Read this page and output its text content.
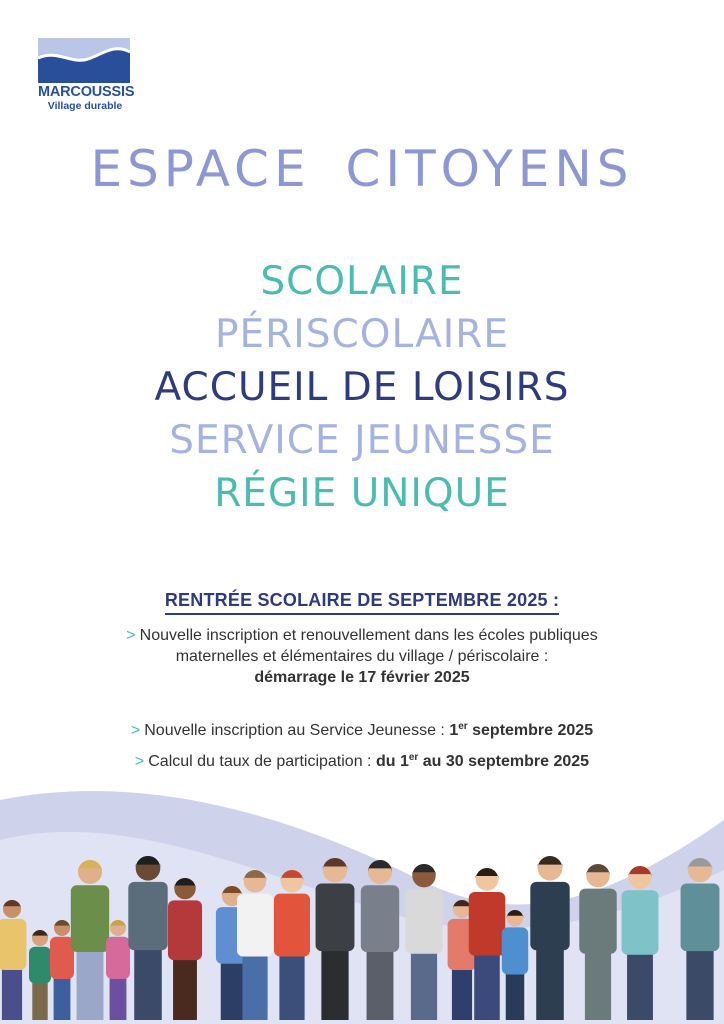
MARCOUSSIS
Village durable
ESPACE CITOYENS
SCOLAIRE
PÉRISCOLAIRE
ACCUEIL DE LOISIRS
SERVICE JEUNESSE
RÉGIE UNIQUE
RENTRÉE SCOLAIRE DE SEPTEMBRE 2025 :
> Nouvelle inscription et renouvellement dans les écoles publiques
maternelles et élémentaires du village / périscolaire :
démarrage le 17 février 2025
> Nouvelle inscription au Service Jeunesse : 1er septembre 2025
> Calcul du taux de participation : du 1er au 30 septembre 2025
